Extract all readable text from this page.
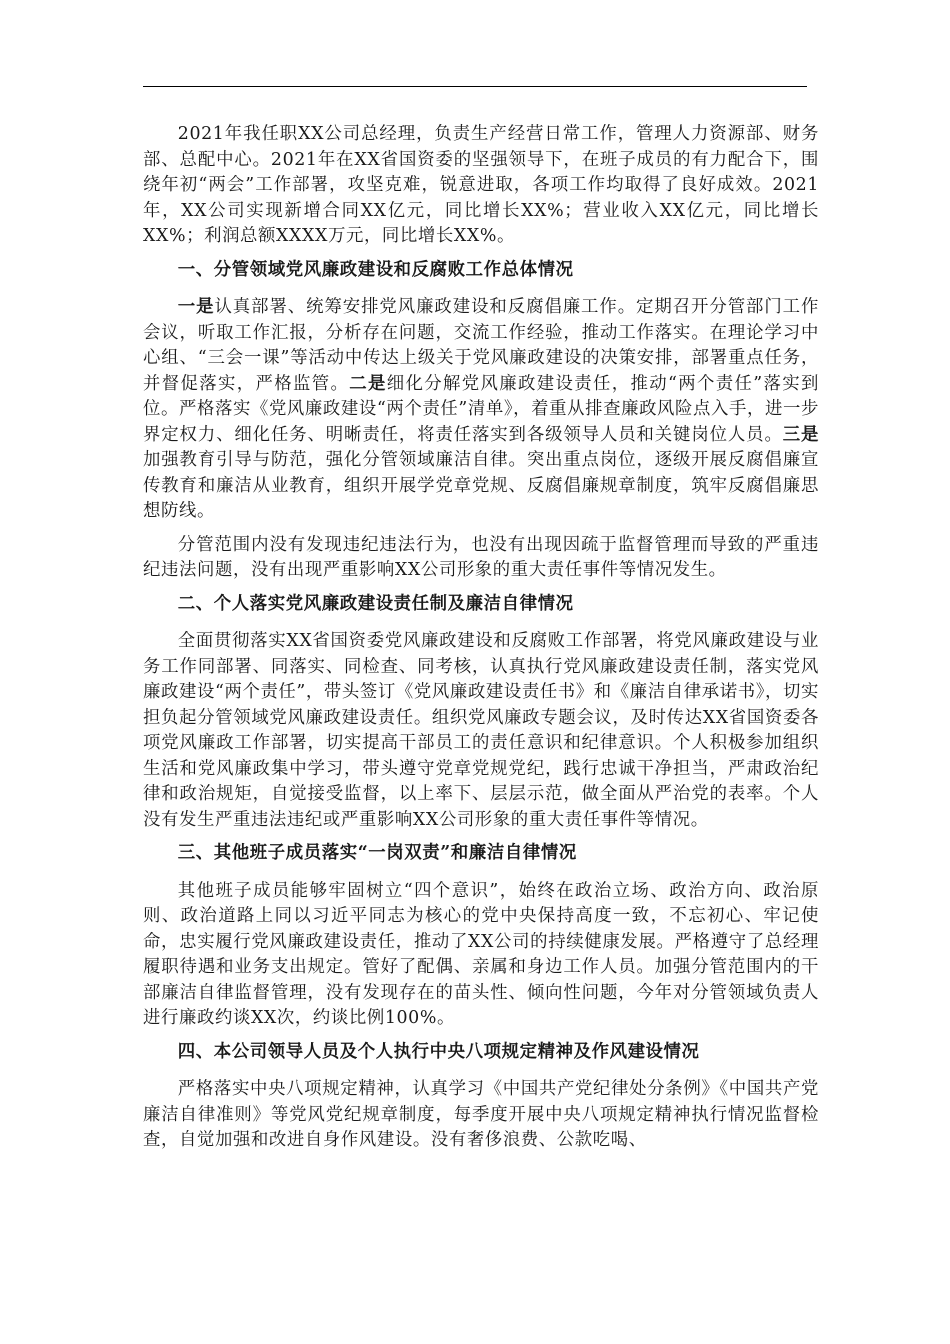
2021年我任职XX公司总经理，负责生产经营日常工作，管理人力资源部、财务部、总配中心。2021年在XX省国资委的坚强领导下，在班子成员的有力配合下，围绕年初“两会”工作部署，攻坚克难，锐意进取，各项工作均取得了良好成效。2021年，XX公司实现新增合同XX亿元，同比增长XX%；营业收入XX亿元，同比增长XX%；利润总额XXXX万元，同比增长XX%。

一、分管领域党风廉政建设和反腐败工作总体情况

一是认真部署、统筹安排党风廉政建设和反腐倡廉工作。定期召开分管部门工作会议，听取工作汇报，分析存在问题，交流工作经验，推动工作落实。在理论学习中心组、“三会一课”等活动中传达上级关于党风廉政建设的决策安排，部署重点任务，并督促落实，严格监管。二是细化分解党风廉政建设责任，推动“两个责任”落实到位。严格落实《党风廉政建设“两个责任”清单》，着重从排查廉政风险点入手，进一步界定权力、细化任务、明晰责任，将责任落实到各级领导人员和关键岗位人员。三是加强教育引导与防范，强化分管领域廉洁自律。突出重点岗位，逐级开展反腐倡廉宣传教育和廉洁从业教育，组织开展学党章党规、反腐倡廉规章制度，筑牢反腐倡廉思想防线。

分管范围内没有发现违纪违法行为，也没有出现因疏于监督管理而导致的严重违纪违法问题，没有出现严重影响XX公司形象的重大责任事件等情况发生。

二、个人落实党风廉政建设责任制及廉洁自律情况

全面贯彻落实XX省国资委党风廉政建设和反腐败工作部署，将党风廉政建设与业务工作同部署、同落实、同检查、同考核，认真执行党风廉政建设责任制，落实党风廉政建设“两个责任”，带头签订《党风廉政建设责任书》和《廉洁自律承诺书》，切实担负起分管领域党风廉政建设责任。组织党风廉政专题会议，及时传达XX省国资委各项党风廉政工作部署，切实提高干部员工的责任意识和纪律意识。个人积极参加组织生活和党风廉政集中学习，带头遵守党章党规党纪，践行忠诚干净担当，严肃政治纪律和政治规矩，自觉接受监督，以上率下、层层示范，做全面从严治党的表率。个人没有发生严重违法违纪或严重影响XX公司形象的重大责任事件等情况。

三、其他班子成员落实“一岗双责”和廉洁自律情况

其他班子成员能够牢固树立“四个意识”，始终在政治立场、政治方向、政治原则、政治道路上同以习近平同志为核心的党中央保持高度一致，不忘初心、牢记使命，忠实履行党风廉政建设责任，推动了XX公司的持续健康发展。严格遵守了总经理履职待遇和业务支出规定。管好了配偶、亲属和身边工作人员。加强分管范围内的干部廉洁自律监督管理，没有发现存在的苗头性、倾向性问题，今年对分管领域负责人进行廉政约谈XX次，约谈比例100%。

四、本公司领导人员及个人执行中央八项规定精神及作风建设情况

严格落实中央八项规定精神，认真学习《中国共产党纪律处分条例》《中国共产党廉洁自律准则》等党风党纪规章制度，每季度开展中央八项规定精神执行情况监督检查，自觉加强和改进自身作风建设。没有奢侈浪费、公款吃喝、
